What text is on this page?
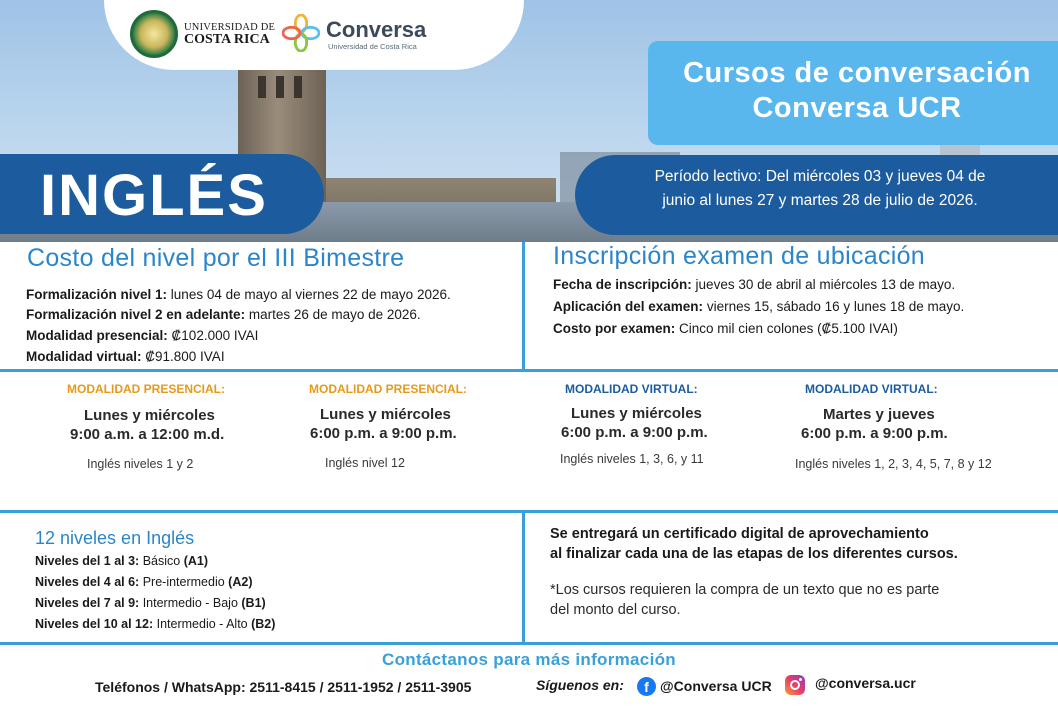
UNIVERSIDAD DE
COSTA RICA	Conversa
Universidad de Costa Rica
Cursos de conversación
Conversa UCR
INGLÉS	Período lectivo: Del miércoles 03 y jueves 04 de
junio al lunes 27 y martes 28 de julio de 2026.
Costo del nivel por el III Bimestre
Formalización nivel 1: lunes 04 de mayo al viernes 22 de mayo 2026.
Formalización nivel 2 en adelante: martes 26 de mayo de 2026.
Modalidad presencial: ₡102.000 IVAI
Modalidad virtual: ₡91.800 IVAI
Inscripción examen de ubicación
Fecha de inscripción: jueves 30 de abril al miércoles 13 de mayo.
Aplicación del examen: viernes 15, sábado 16 y lunes 18 de mayo.
Costo por examen: Cinco mil cien colones (₡5.100 IVAI)
MODALIDAD PRESENCIAL:
Lunes y miércoles
9:00 a.m. a 12:00 m.d.
Inglés niveles 1 y 2
MODALIDAD PRESENCIAL:
Lunes y miércoles
6:00 p.m. a 9:00 p.m.
Inglés nivel 12
MODALIDAD VIRTUAL:
Lunes y miércoles
6:00 p.m. a 9:00 p.m.
Inglés niveles 1, 3, 6, y 11
MODALIDAD VIRTUAL:
Martes y jueves
6:00 p.m. a 9:00 p.m.
Inglés niveles 1, 2, 3, 4, 5, 7, 8 y 12
12 niveles en Inglés
Niveles del 1 al 3: Básico (A1)
Niveles del 4 al 6: Pre-intermedio (A2)
Niveles del 7 al 9: Intermedio - Bajo (B1)
Niveles del 10 al 12: Intermedio - Alto (B2)
Se entregará un certificado digital de aprovechamiento
al finalizar cada una de las etapas de los diferentes cursos.
*Los cursos requieren la compra de un texto que no es parte
del monto del curso.
Contáctanos para más información
Teléfonos / WhatsApp: 2511-8415 / 2511-1952 / 2511-3905	Síguenos en:	f @Conversa UCR	@conversa.ucr
